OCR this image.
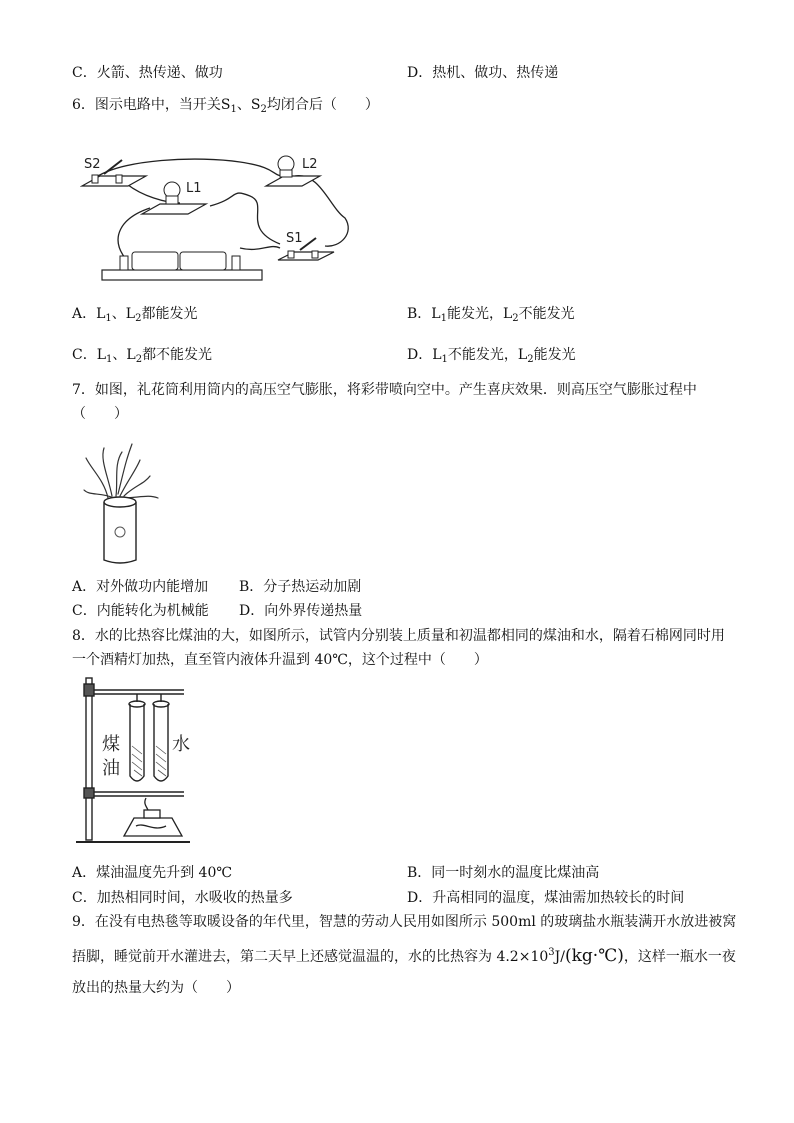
C．火箭、热传递、做功	D．热机、做功、热传递
6．图示电路中，当开关$S_1$、$S_2$均闭合后（　　）
S2
L1
L2
S1
A．$L_1$、$L_2$都能发光	B．$L_1$能发光，$L_2$不能发光
C．$L_1$、$L_2$都不能发光	D．$L_1$不能发光，$L_2$能发光
7．如图，礼花筒利用筒内的高压空气膨胀，将彩带喷向空中。产生喜庆效果．则高压空气膨胀过程中
（　　）
A．对外做功内能增加 B．分子热运动加剧
C．内能转化为机械能 D．向外界传递热量
8．水的比热容比煤油的大，如图所示，试管内分别装上质量和初温都相同的煤油和水，隔着石棉网同时用
一个酒精灯加热，直至管内液体升温到 40℃，这个过程中（　　）
煤
油
水
A．煤油温度先升到 40℃	B．同一时刻水的温度比煤油高
C．加热相同时间，水吸收的热量多	D．升高相同的温度，煤油需加热较长的时间
9．在没有电热毯等取暖设备的年代里，智慧的劳动人民用如图所示 500ml 的玻璃盐水瓶装满开水放进被窝
捂脚，睡觉前开水灌进去，第二天早上还感觉温温的，水的比热容为 $4.2\times 10^3J/(kg\cdot℃)$，这样一瓶水一夜
放出的热量大约为（　　）
